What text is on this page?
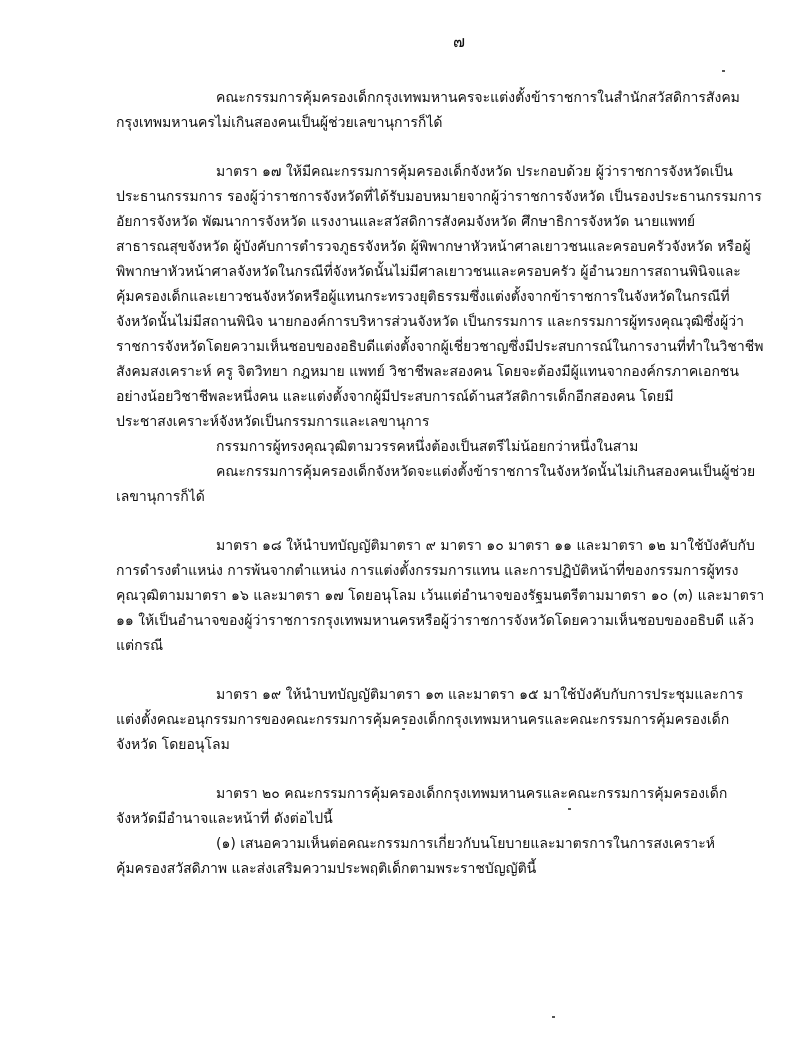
๗

คณะกรรมการคุ้มครองเด็กกรุงเทพมหานครจะแต่งตั้งข้าราชการในสำนักสวัสดิการสังคมกรุงเทพมหานครไม่เกินสองคนเป็นผู้ช่วยเลขานุการก็ได้

มาตรา ๑๗ ให้มีคณะกรรมการคุ้มครองเด็กจังหวัด ประกอบด้วย ผู้ว่าราชการจังหวัดเป็นประธานกรรมการ รองผู้ว่าราชการจังหวัดที่ได้รับมอบหมายจากผู้ว่าราชการจังหวัด เป็นรองประธานกรรมการ อัยการจังหวัด พัฒนาการจังหวัด แรงงานและสวัสดิการสังคมจังหวัด ศึกษาธิการจังหวัด นายแพทย์สาธารณสุขจังหวัด ผู้บังคับการตำรวจภูธรจังหวัด ผู้พิพากษาหัวหน้าศาลเยาวชนและครอบครัวจังหวัด หรือผู้พิพากษาหัวหน้าศาลจังหวัดในกรณีที่จังหวัดนั้นไม่มีศาลเยาวชนและครอบครัว ผู้อำนวยการสถานพินิจและคุ้มครองเด็กและเยาวชนจังหวัดหรือผู้แทนกระทรวงยุติธรรมซึ่งแต่งตั้งจากข้าราชการในจังหวัดในกรณีที่จังหวัดนั้นไม่มีสถานพินิจ นายกองค์การบริหารส่วนจังหวัด เป็นกรรมการ และกรรมการผู้ทรงคุณวุฒิซึ่งผู้ว่าราชการจังหวัดโดยความเห็นชอบของอธิบดีแต่งตั้งจากผู้เชี่ยวชาญซึ่งมีประสบการณ์ในการงานที่ทำในวิชาชีพสังคมสงเคราะห์ ครู จิตวิทยา กฎหมาย แพทย์ วิชาชีพละสองคน โดยจะต้องมีผู้แทนจากองค์กรภาคเอกชนอย่างน้อยวิชาชีพละหนึ่งคน และแต่งตั้งจากผู้มีประสบการณ์ด้านสวัสดิการเด็กอีกสองคน โดยมีประชาสงเคราะห์จังหวัดเป็นกรรมการและเลขานุการ

กรรมการผู้ทรงคุณวุฒิตามวรรคหนึ่งต้องเป็นสตรีไม่น้อยกว่าหนึ่งในสาม

คณะกรรมการคุ้มครองเด็กจังหวัดจะแต่งตั้งข้าราชการในจังหวัดนั้นไม่เกินสองคนเป็นผู้ช่วยเลขานุการก็ได้

มาตรา ๑๘ ให้นำบทบัญญัติมาตรา ๙ มาตรา ๑๐ มาตรา ๑๑ และมาตรา ๑๒ มาใช้บังคับกับการดำรงตำแหน่ง การพ้นจากตำแหน่ง การแต่งตั้งกรรมการแทน และการปฏิบัติหน้าที่ของกรรมการผู้ทรงคุณวุฒิตามมาตรา ๑๖ และมาตรา ๑๗ โดยอนุโลม เว้นแต่อำนาจของรัฐมนตรีตามมาตรา ๑๐ (๓) และมาตรา ๑๑ ให้เป็นอำนาจของผู้ว่าราชการกรุงเทพมหานครหรือผู้ว่าราชการจังหวัดโดยความเห็นชอบของอธิบดี แล้วแต่กรณี

มาตรา ๑๙ ให้นำบทบัญญัติมาตรา ๑๓ และมาตรา ๑๕ มาใช้บังคับกับการประชุมและการแต่งตั้งคณะอนุกรรมการของคณะกรรมการคุ้มครองเด็กกรุงเทพมหานครและคณะกรรมการคุ้มครองเด็กจังหวัด โดยอนุโลม

มาตรา ๒๐ คณะกรรมการคุ้มครองเด็กกรุงเทพมหานครและคณะกรรมการคุ้มครองเด็กจังหวัดมีอำนาจและหน้าที่ ดังต่อไปนี้

(๑) เสนอความเห็นต่อคณะกรรมการเกี่ยวกับนโยบายและมาตรการในการสงเคราะห์ คุ้มครองสวัสดิภาพ และส่งเสริมความประพฤติเด็กตามพระราชบัญญัตินี้
